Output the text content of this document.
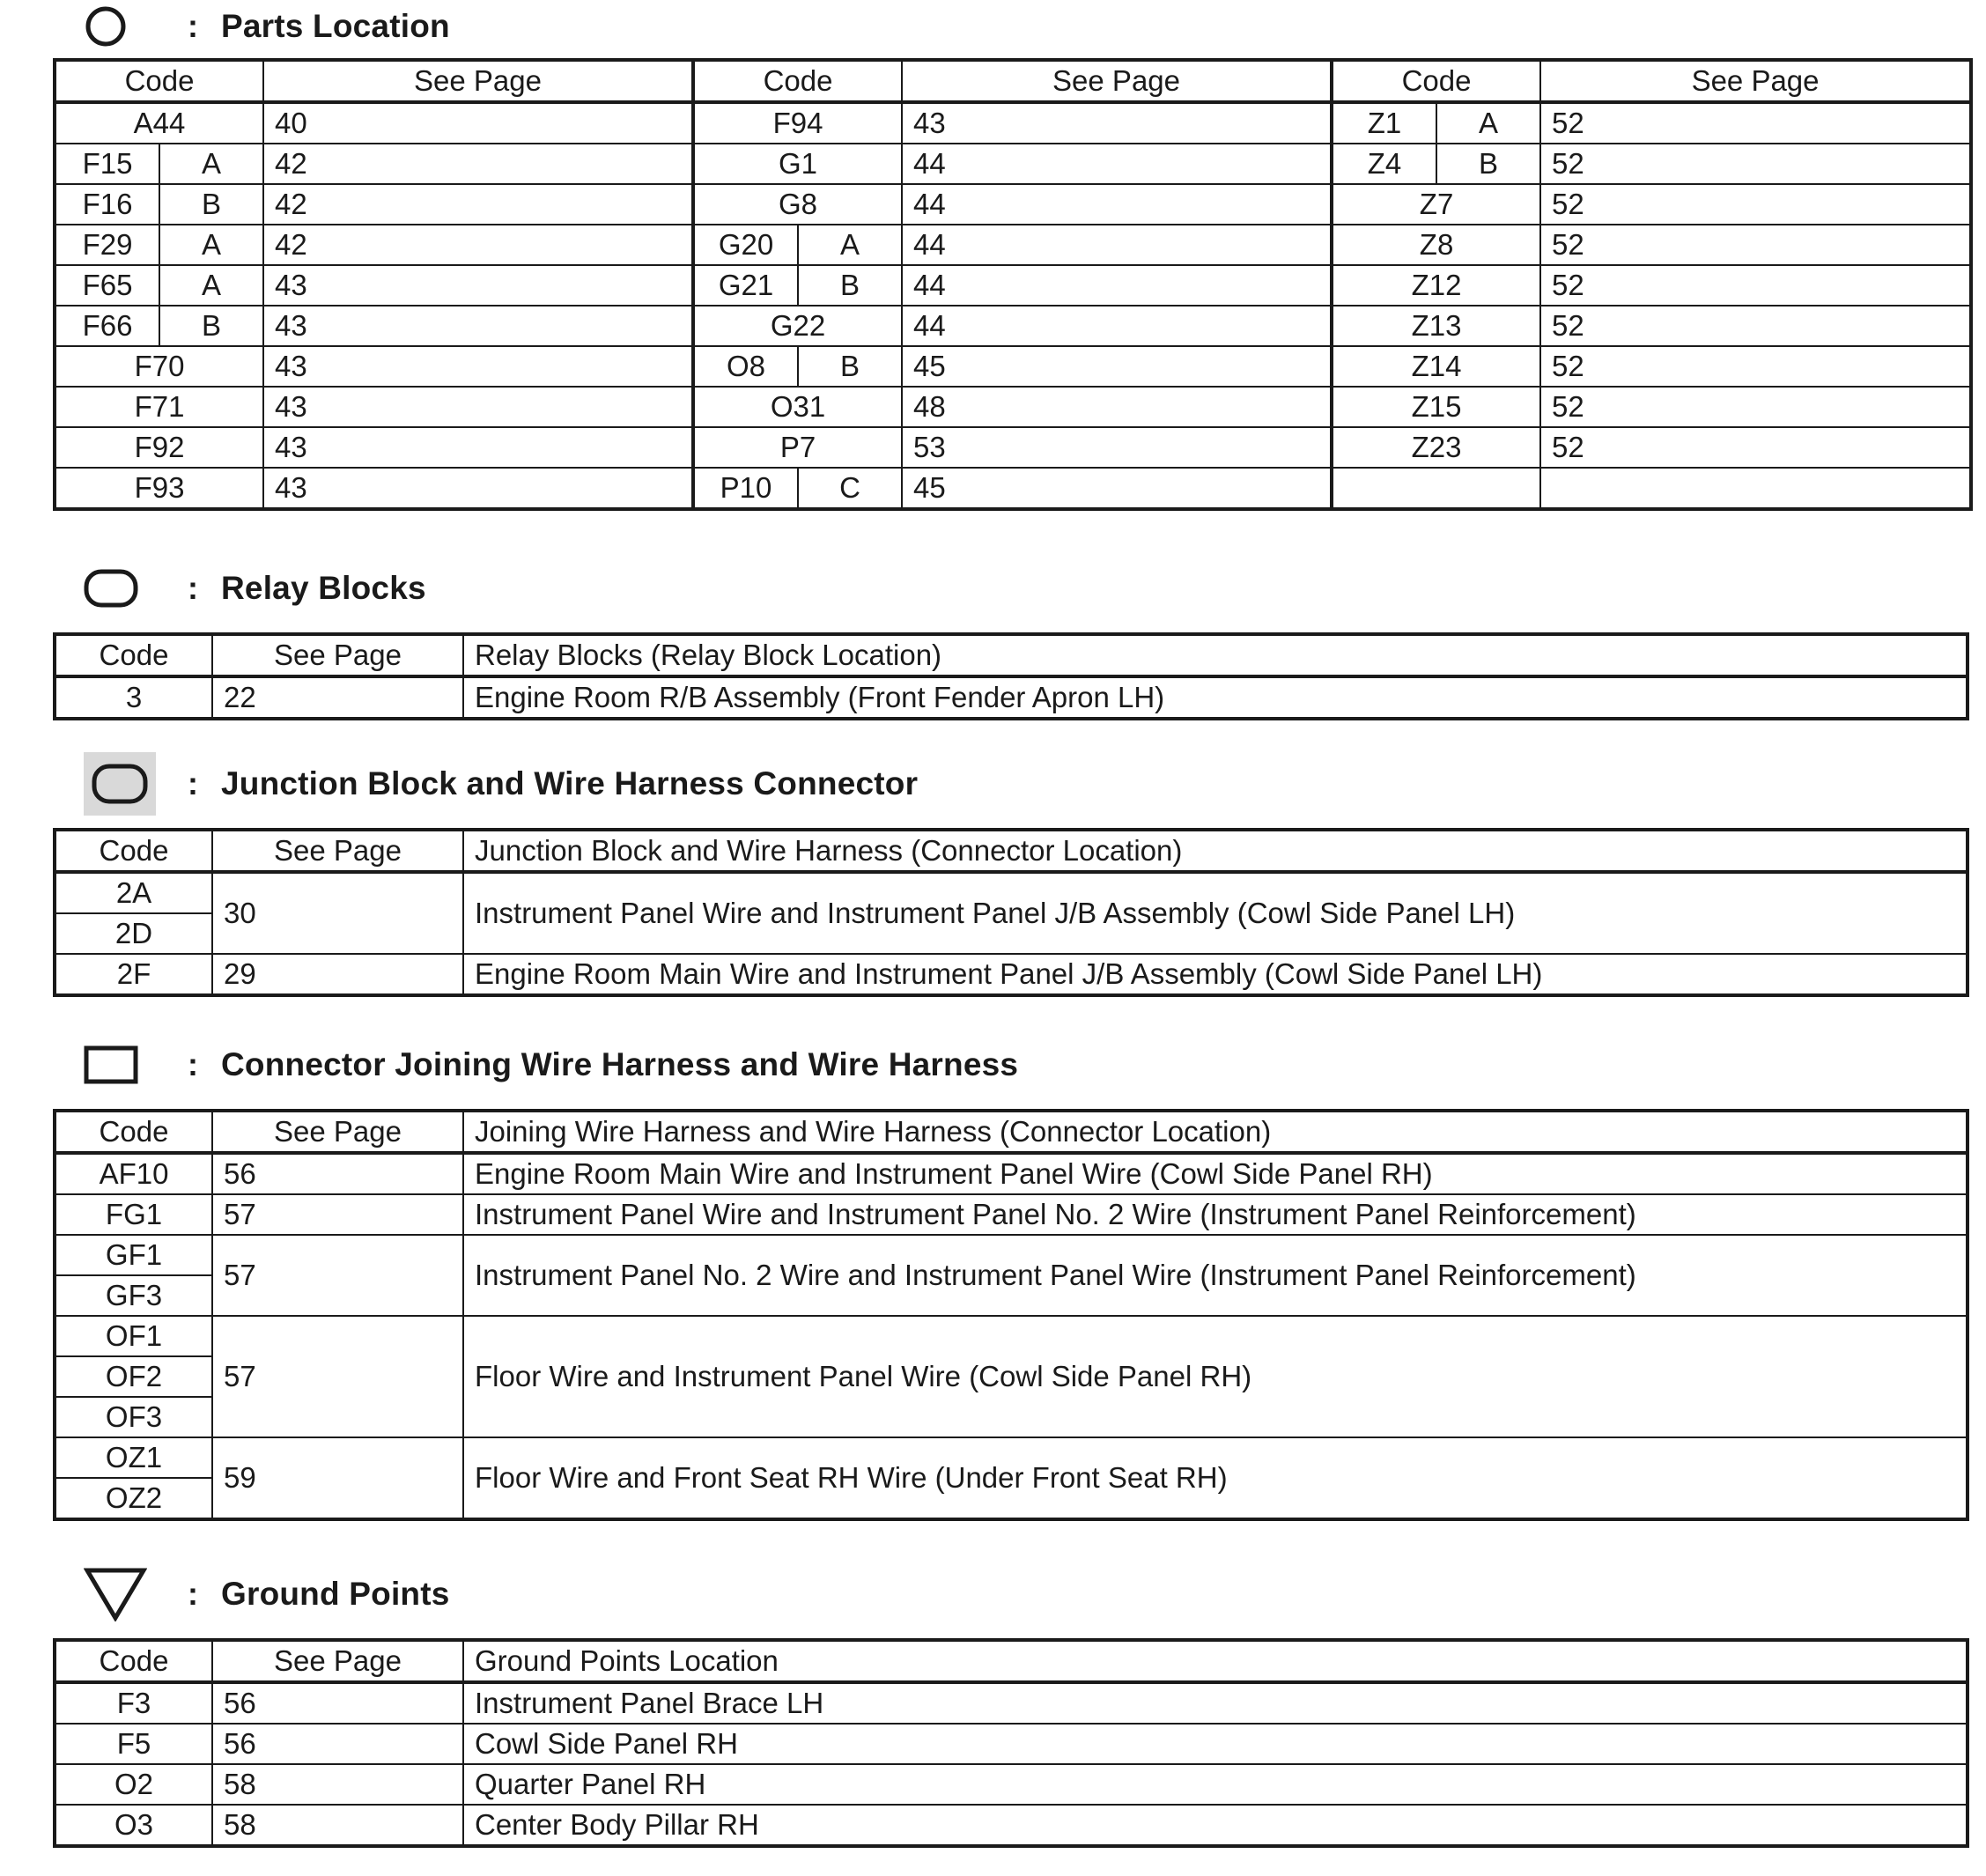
: Parts Location
Code		See Page	Code		See Page	Code		See Page
A44		40	F94		43	Z1	A	52
F15	A	42	G1		44	Z4	B	52
F16	B	42	G8		44	Z7		52
F29	A	42	G20	A	44	Z8		52
F65	A	43	G21	B	44	Z12		52
F66	B	43	G22		44	Z13		52
F70		43	O8	B	45	Z14		52
F71		43	O31		48	Z15		52
F92		43	P7		53	Z23		52
F93		43	P10	C	45			
: Relay Blocks
Code	See Page	Relay Blocks (Relay Block Location)
3	22	Engine Room R/B Assembly (Front Fender Apron LH)
: Junction Block and Wire Harness Connector
Code	See Page	Junction Block and Wire Harness (Connector Location)
2A	30	Instrument Panel Wire and Instrument Panel J/B Assembly (Cowl Side Panel LH)
2D		
2F	29	Engine Room Main Wire and Instrument Panel J/B Assembly (Cowl Side Panel LH)
: Connector Joining Wire Harness and Wire Harness
Code	See Page	Joining Wire Harness and Wire Harness (Connector Location)
AF10	56	Engine Room Main Wire and Instrument Panel Wire (Cowl Side Panel RH)
FG1	57	Instrument Panel Wire and Instrument Panel No. 2 Wire (Instrument Panel Reinforcement)
GF1	57	Instrument Panel No. 2 Wire and Instrument Panel Wire (Instrument Panel Reinforcement)
GF3		
OF1	57	Floor Wire and Instrument Panel Wire (Cowl Side Panel RH)
OF2		
OF3		
OZ1	59	Floor Wire and Front Seat RH Wire (Under Front Seat RH)
OZ2		
: Ground Points
Code	See Page	Ground Points Location
F3	56	Instrument Panel Brace LH
F5	56	Cowl Side Panel RH
O2	58	Quarter Panel RH
O3	58	Center Body Pillar RH
